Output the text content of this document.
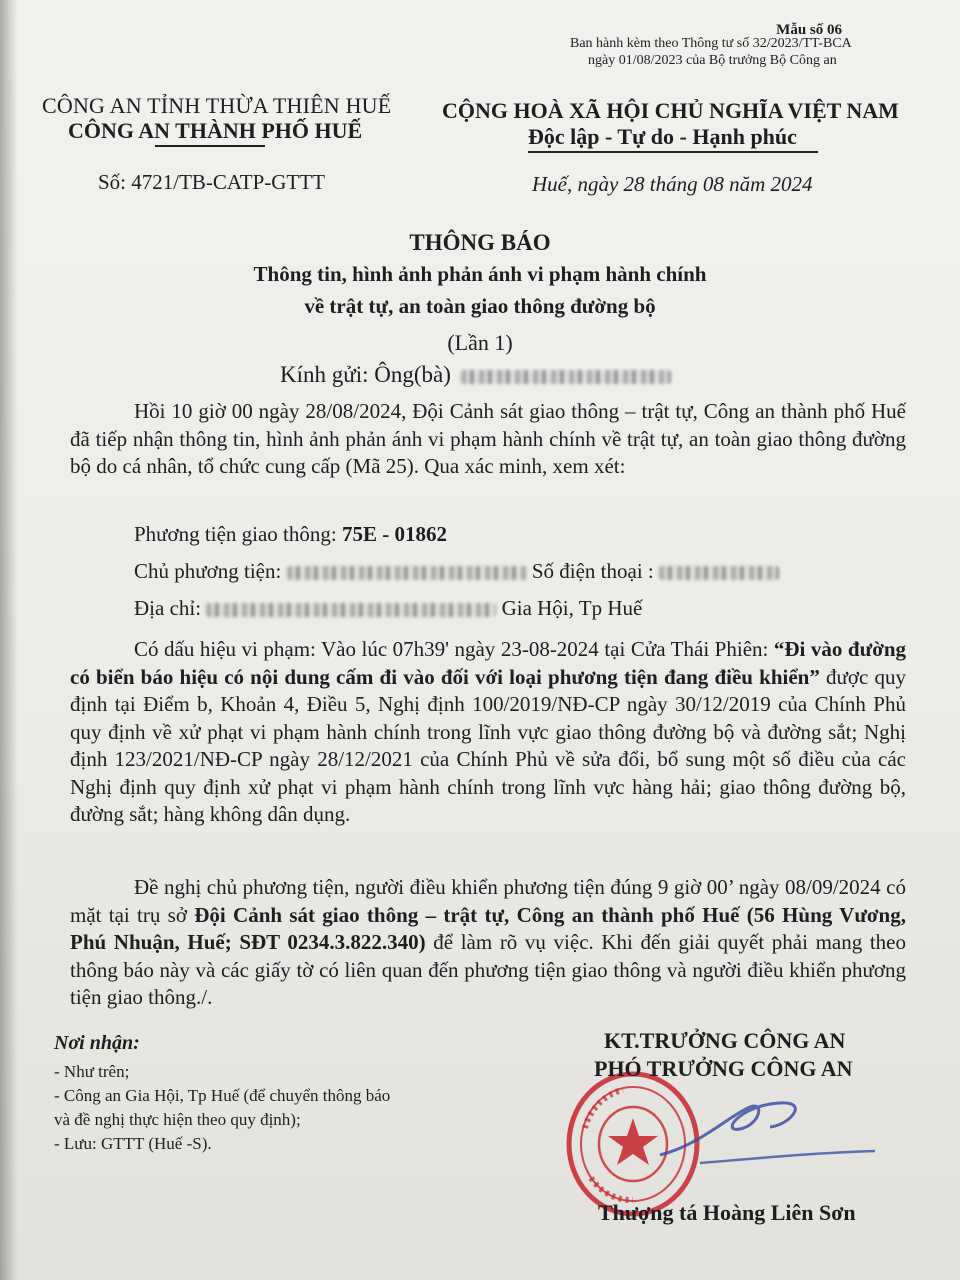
Mẫu số 06
Ban hành kèm theo Thông tư số 32/2023/TT-BCA
ngày 01/08/2023 của Bộ trưởng Bộ Công an
CÔNG AN TỈNH THỪA THIÊN HUẾ
CÔNG AN THÀNH PHỐ HUẾ
CỘNG HOÀ XÃ HỘI CHỦ NGHĨA VIỆT NAM
Độc lập - Tự do - Hạnh phúc
Số: 4721/TB-CATP-GTTT	Huế, ngày 28 tháng 08 năm 2024
THÔNG BÁO
Thông tin, hình ảnh phản ánh vi phạm hành chính
về trật tự, an toàn giao thông đường bộ
(Lần 1)
Kính gửi: Ông(bà)
Hồi 10 giờ 00 ngày 28/08/2024, Đội Cảnh sát giao thông – trật tự, Công an thành phố Huế đã tiếp nhận thông tin, hình ảnh phản ánh vi phạm hành chính về trật tự, an toàn giao thông đường bộ do cá nhân, tổ chức cung cấp (Mã 25). Qua xác minh, xem xét:
Phương tiện giao thông: 75E - 01862
Chủ phương tiện:	Số điện thoại :
Địa chỉ:	Gia Hội, Tp Huế
Có dấu hiệu vi phạm: Vào lúc 07h39' ngày 23-08-2024 tại Cửa Thái Phiên: “Đi vào đường có biển báo hiệu có nội dung cấm đi vào đối với loại phương tiện đang điều khiển” được quy định tại Điểm b, Khoản 4, Điều 5, Nghị định 100/2019/NĐ-CP ngày 30/12/2019 của Chính Phủ quy định về xử phạt vi phạm hành chính trong lĩnh vực giao thông đường bộ và đường sắt; Nghị định 123/2021/NĐ-CP ngày 28/12/2021 của Chính Phủ về sửa đổi, bổ sung một số điều của các Nghị định quy định xử phạt vi phạm hành chính trong lĩnh vực hàng hải; giao thông đường bộ, đường sắt; hàng không dân dụng.
Đề nghị chủ phương tiện, người điều khiển phương tiện đúng 9 giờ 00’ ngày 08/09/2024 có mặt tại trụ sở Đội Cảnh sát giao thông – trật tự, Công an thành phố Huế (56 Hùng Vương, Phú Nhuận, Huế; SĐT 0234.3.822.340) để làm rõ vụ việc. Khi đến giải quyết phải mang theo thông báo này và các giấy tờ có liên quan đến phương tiện giao thông và người điều khiển phương tiện giao thông./.
Nơi nhận:
- Như trên;
- Công an Gia Hội, Tp Huế (để chuyển thông báo
và đề nghị thực hiện theo quy định);
- Lưu: GTTT (Huế -S).
KT.TRƯỞNG CÔNG AN
PHÓ TRƯỞNG CÔNG AN
Thượng tá Hoàng Liên Sơn
